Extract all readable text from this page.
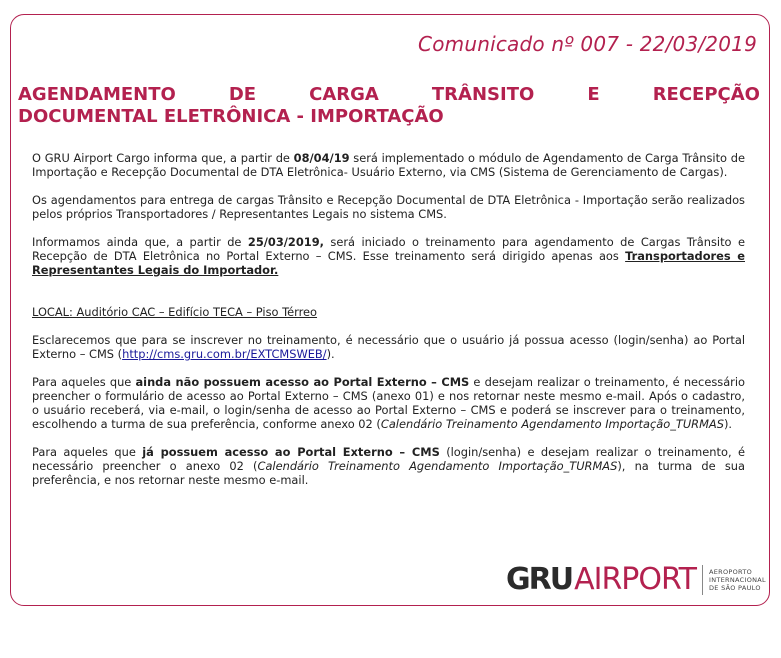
Comunicado nº 007 - 22/03/2019
AGENDAMENTO DE CARGA TRÂNSITO E RECEPÇÃO
DOCUMENTAL ELETRÔNICA - IMPORTAÇÃO

O GRU Airport Cargo informa que, a partir de 08/04/19 será implementado o módulo de Agendamento de Carga Trânsito de Importação e Recepção Documental de DTA Eletrônica- Usuário Externo, via CMS (Sistema de Gerenciamento de Cargas).

Os agendamentos para entrega de cargas Trânsito e Recepção Documental de DTA Eletrônica - Importação serão realizados pelos próprios Transportadores / Representantes Legais no sistema CMS.

Informamos ainda que, a partir de 25/03/2019, será iniciado o treinamento para agendamento de Cargas Trânsito e Recepção de DTA Eletrônica no Portal Externo – CMS. Esse treinamento será dirigido apenas aos Transportadores e Representantes Legais do Importador.

LOCAL: Auditório CAC – Edifício TECA – Piso Térreo

Esclarecemos que para se inscrever no treinamento, é necessário que o usuário já possua acesso (login/senha) ao Portal Externo – CMS (http://cms.gru.com.br/EXTCMSWEB/).

Para aqueles que ainda não possuem acesso ao Portal Externo – CMS e desejam realizar o treinamento, é necessário preencher o formulário de acesso ao Portal Externo – CMS (anexo 01) e nos retornar neste mesmo e-mail. Após o cadastro, o usuário receberá, via e-mail, o login/senha de acesso ao Portal Externo – CMS e poderá se inscrever para o treinamento, escolhendo a turma de sua preferência, conforme anexo 02 (Calendário Treinamento Agendamento Importação_TURMAS).

Para aqueles que já possuem acesso ao Portal Externo – CMS (login/senha) e desejam realizar o treinamento, é necessário preencher o anexo 02 (Calendário Treinamento Agendamento Importação_TURMAS), na turma de sua preferência, e nos retornar neste mesmo e-mail.

GRU AIRPORT AEROPORTO
INTERNACIONAL
DE SÃO PAULO
